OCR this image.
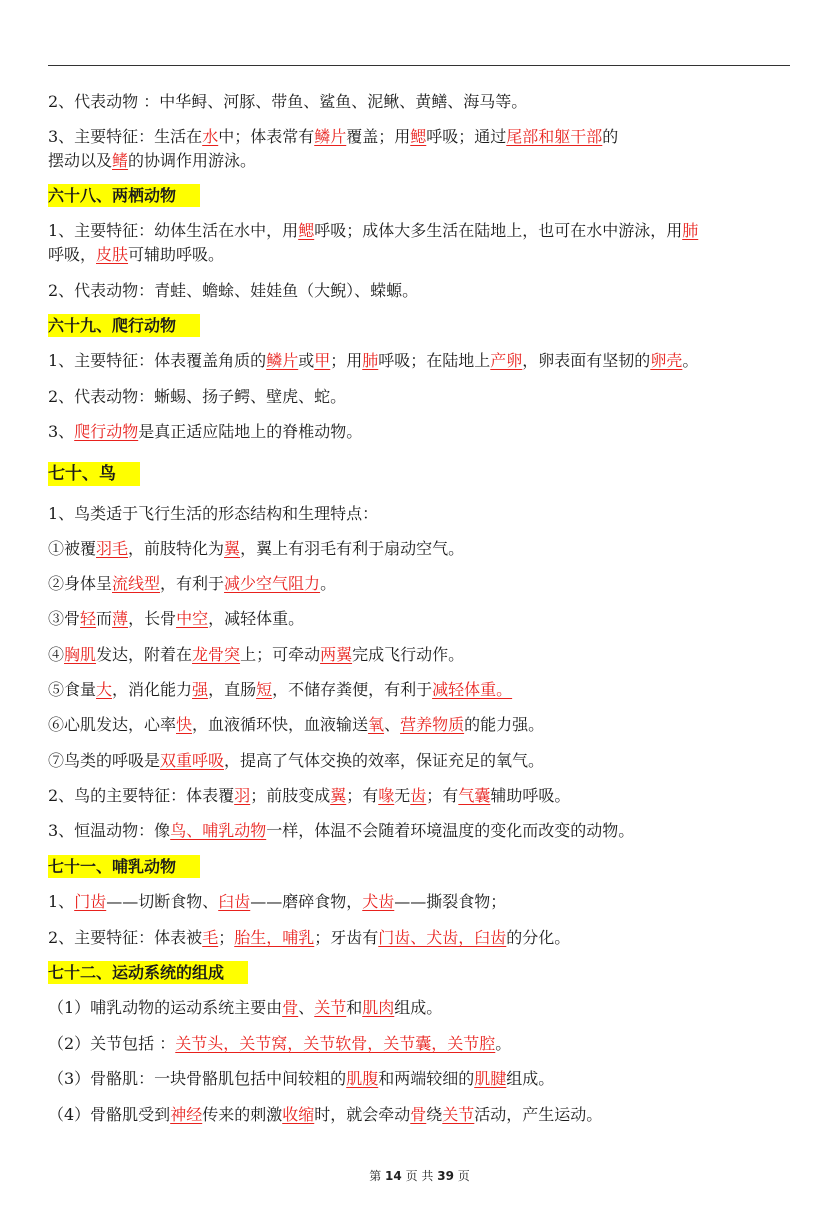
2、代表动物 ：中华鲟、河豚、带鱼、鲨鱼、泥鳅、黄鳝、海马等。
3、主要特征：生活在水中；体表常有鳞片覆盖；用鳃呼吸；通过尾部和躯干部的
摆动以及鳍的协调作用游泳。
六十八、两栖动物
1、主要特征：幼体生活在水中，用鳃呼吸；成体大多生活在陆地上，也可在水中游泳，用肺
呼吸，皮肤可辅助呼吸。
2、代表动物：青蛙、蟾蜍、娃娃鱼（大鲵）、蝾螈。
六十九、爬行动物
1、主要特征：体表覆盖角质的鳞片或甲；用肺呼吸；在陆地上产卵，卵表面有坚韧的卵壳。
2、代表动物：蜥蜴、扬子鳄、壁虎、蛇。
3、爬行动物是真正适应陆地上的脊椎动物。
七十、鸟
1、鸟类适于飞行生活的形态结构和生理特点：
①被覆羽毛，前肢特化为翼，翼上有羽毛有利于扇动空气。
②身体呈流线型，有利于减少空气阻力。
③骨轻而薄，长骨中空，减轻体重。
④胸肌发达，附着在龙骨突上；可牵动两翼完成飞行动作。
⑤食量大，消化能力强，直肠短，不储存粪便，有利于减轻体重。
⑥心肌发达，心率快，血液循环快，血液输送氧、营养物质的能力强。
⑦鸟类的呼吸是双重呼吸，提高了气体交换的效率，保证充足的氧气。
2、鸟的主要特征：体表覆羽；前肢变成翼；有喙无齿；有气囊辅助呼吸。
3、恒温动物：像鸟、哺乳动物一样，体温不会随着环境温度的变化而改变的动物。
七十一、哺乳动物
1、门齿——切断食物、臼齿——磨碎食物，犬齿——撕裂食物；
2、主要特征：体表被毛；胎生，哺乳；牙齿有门齿、犬齿，臼齿的分化。
七十二、运动系统的组成
（1）哺乳动物的运动系统主要由骨、关节和肌肉组成。
（2）关节包括 ：关节头，关节窝，关节软骨，关节囊，关节腔。
（3）骨骼肌：一块骨骼肌包括中间较粗的肌腹和两端较细的肌腱组成。
（4）骨骼肌受到神经传来的刺激收缩时，就会牵动骨绕关节活动，产生运动。
第 14 页 共 39 页
